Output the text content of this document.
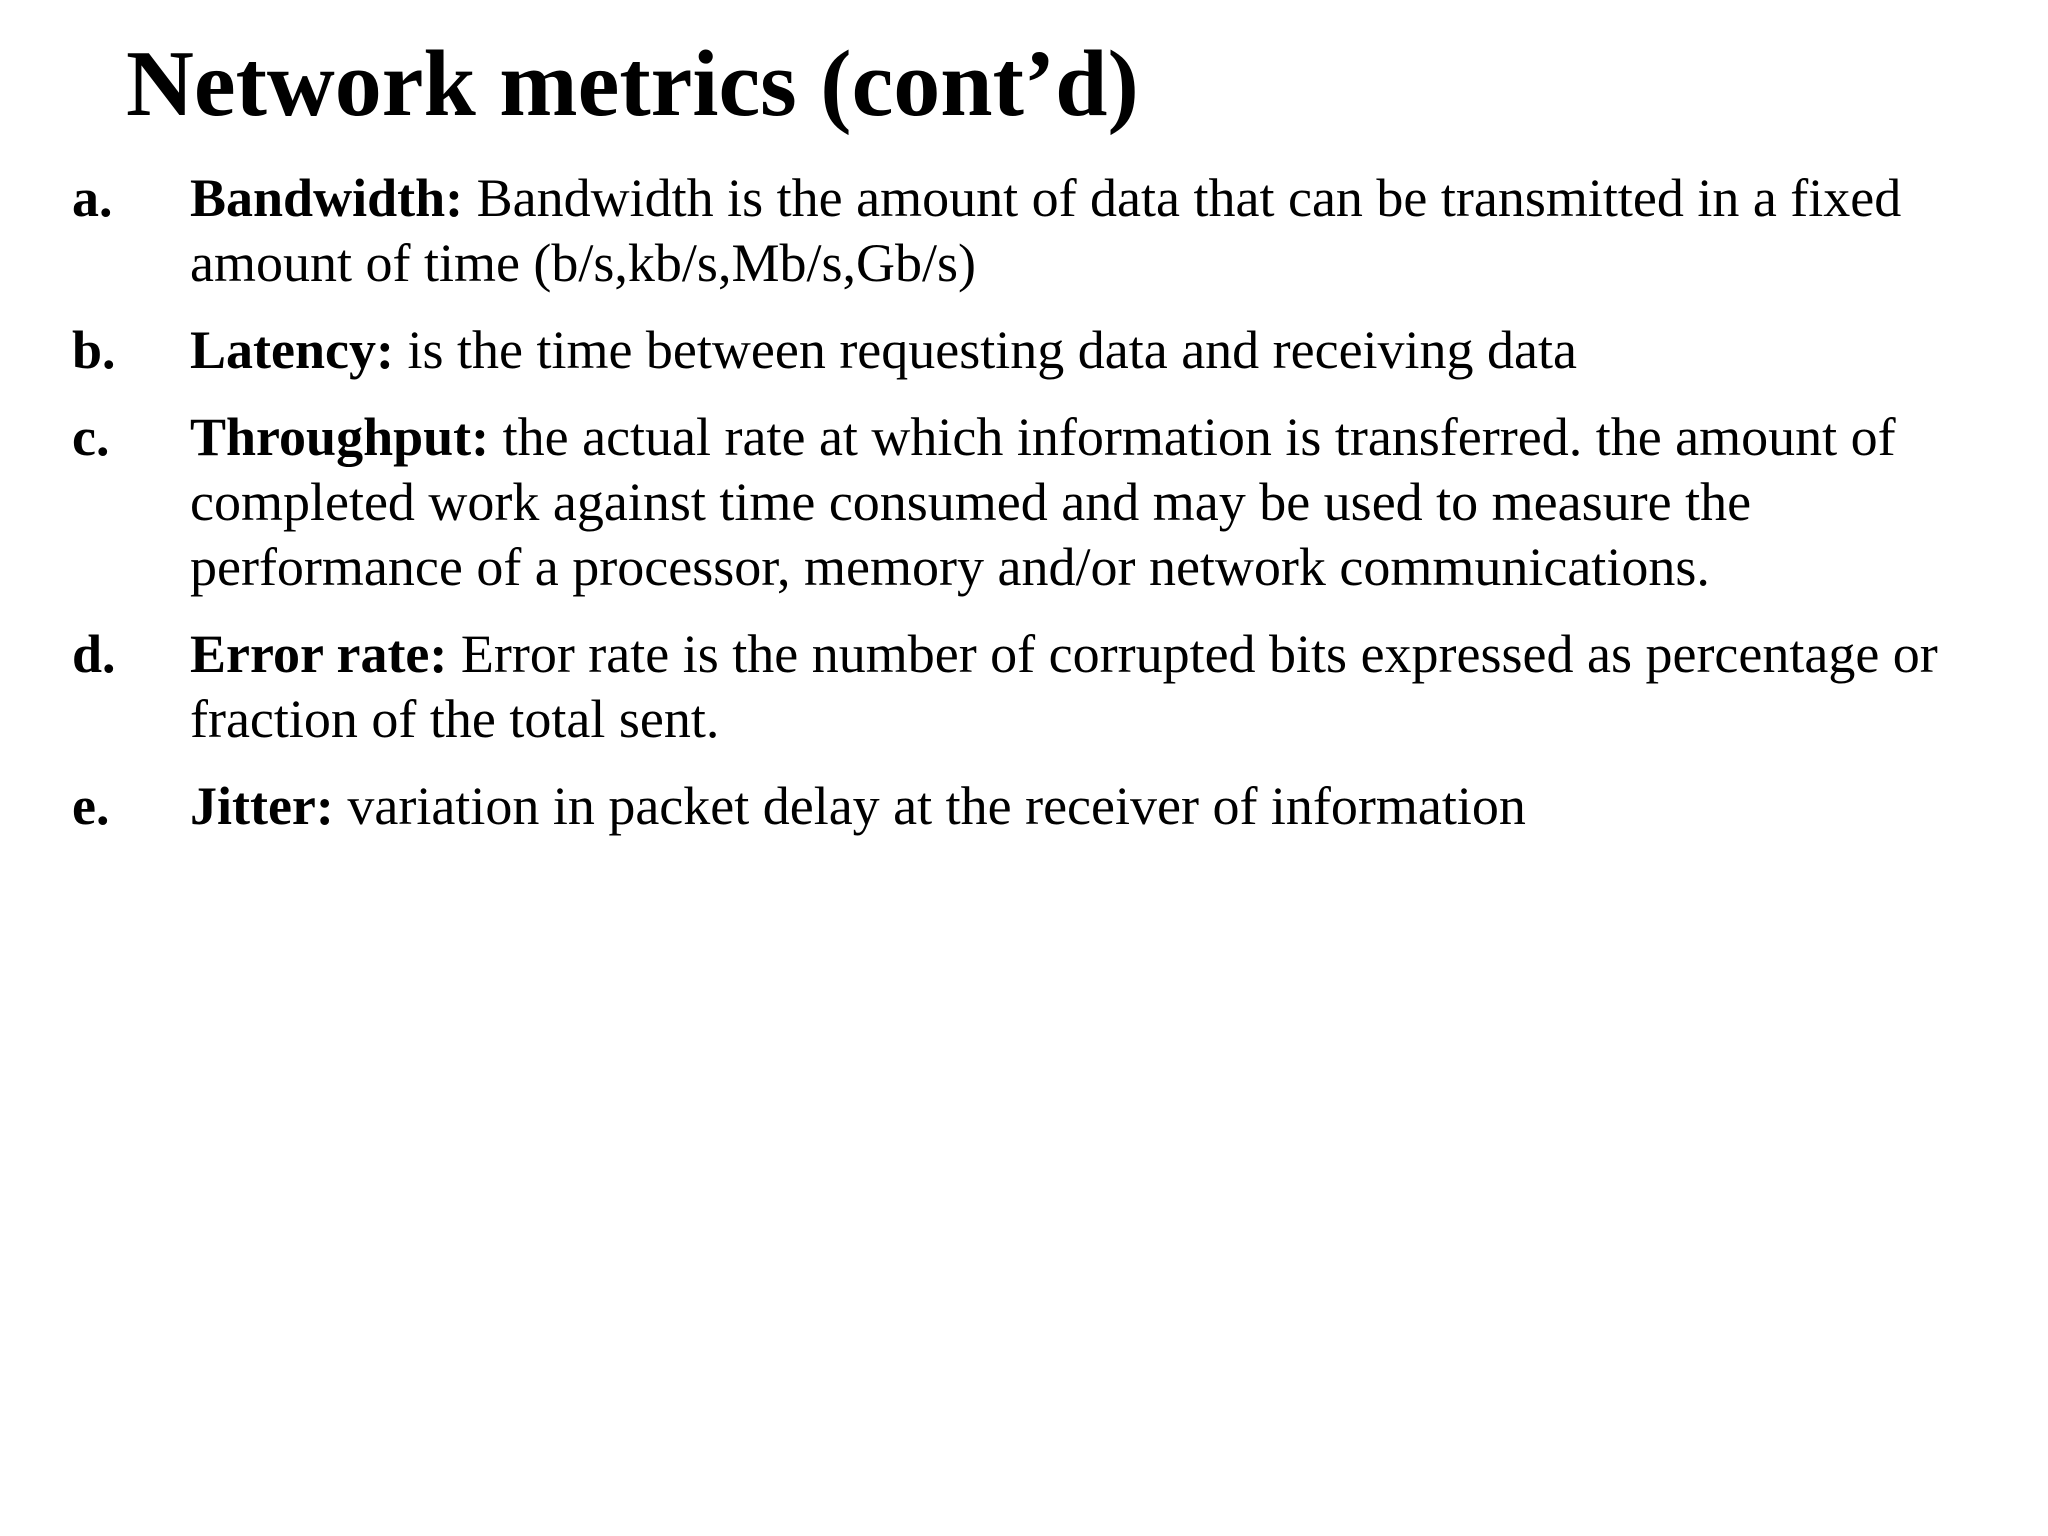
Network metrics (cont’d)
a. Bandwidth: Bandwidth is the amount of data that can be transmitted in a fixed amount of time (b/s,kb/s,Mb/s,Gb/s)
b. Latency: is the time between requesting data and receiving data
c. Throughput: the actual rate at which information is transferred. the amount of completed work against time consumed and may be used to measure the performance of a processor, memory and/or network communications.
d. Error rate: Error rate is the number of corrupted bits expressed as percentage or fraction of the total sent.
e. Jitter: variation in packet delay at the receiver of information
